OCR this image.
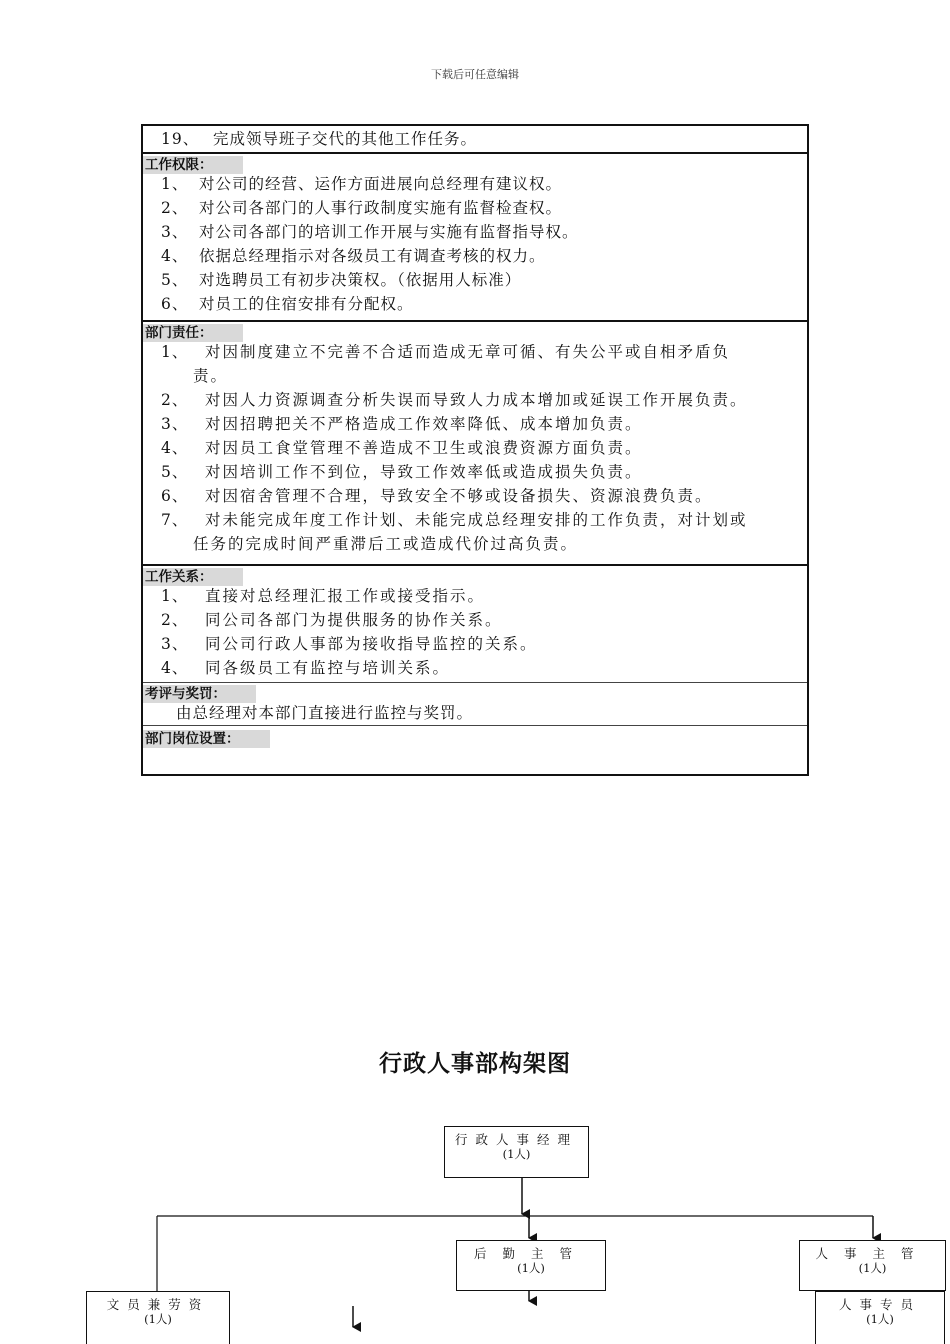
下载后可任意编辑
19、 完成领导班子交代的其他工作任务。
工作权限：
1、 对公司的经营、运作方面进展向总经理有建议权。
2、 对公司各部门的人事行政制度实施有监督检查权。
3、 对公司各部门的培训工作开展与实施有监督指导权。
4、 依据总经理指示对各级员工有调查考核的权力。
5、 对选聘员工有初步决策权。（依据用人标准）
6、 对员工的住宿安排有分配权。
部门责任：
1、 对因制度建立不完善不合适而造成无章可循、有失公平或自相矛盾负
责。
2、 对因人力资源调查分析失误而导致人力成本增加或延误工作开展负责。
3、 对因招聘把关不严格造成工作效率降低、成本增加负责。
4、 对因员工食堂管理不善造成不卫生或浪费资源方面负责。
5、 对因培训工作不到位，导致工作效率低或造成损失负责。
6、 对因宿舍管理不合理，导致安全不够或设备损失、资源浪费负责。
7、 对未能完成年度工作计划、未能完成总经理安排的工作负责，对计划或
任务的完成时间严重滞后工或造成代价过高负责。
工作关系：
1、 直接对总经理汇报工作或接受指示。
2、 同公司各部门为提供服务的协作关系。
3、 同公司行政人事部为接收指导监控的关系。
4、 同各级员工有监控与培训关系。
考评与奖罚：
由总经理对本部门直接进行监控与奖罚。
部门岗位设置：
行政人事部构架图
行政人事经理
(1人)
后勤主管
(1人)
人事主管
(1人)
文员兼劳资
(1人)
人事专员
(1人)
